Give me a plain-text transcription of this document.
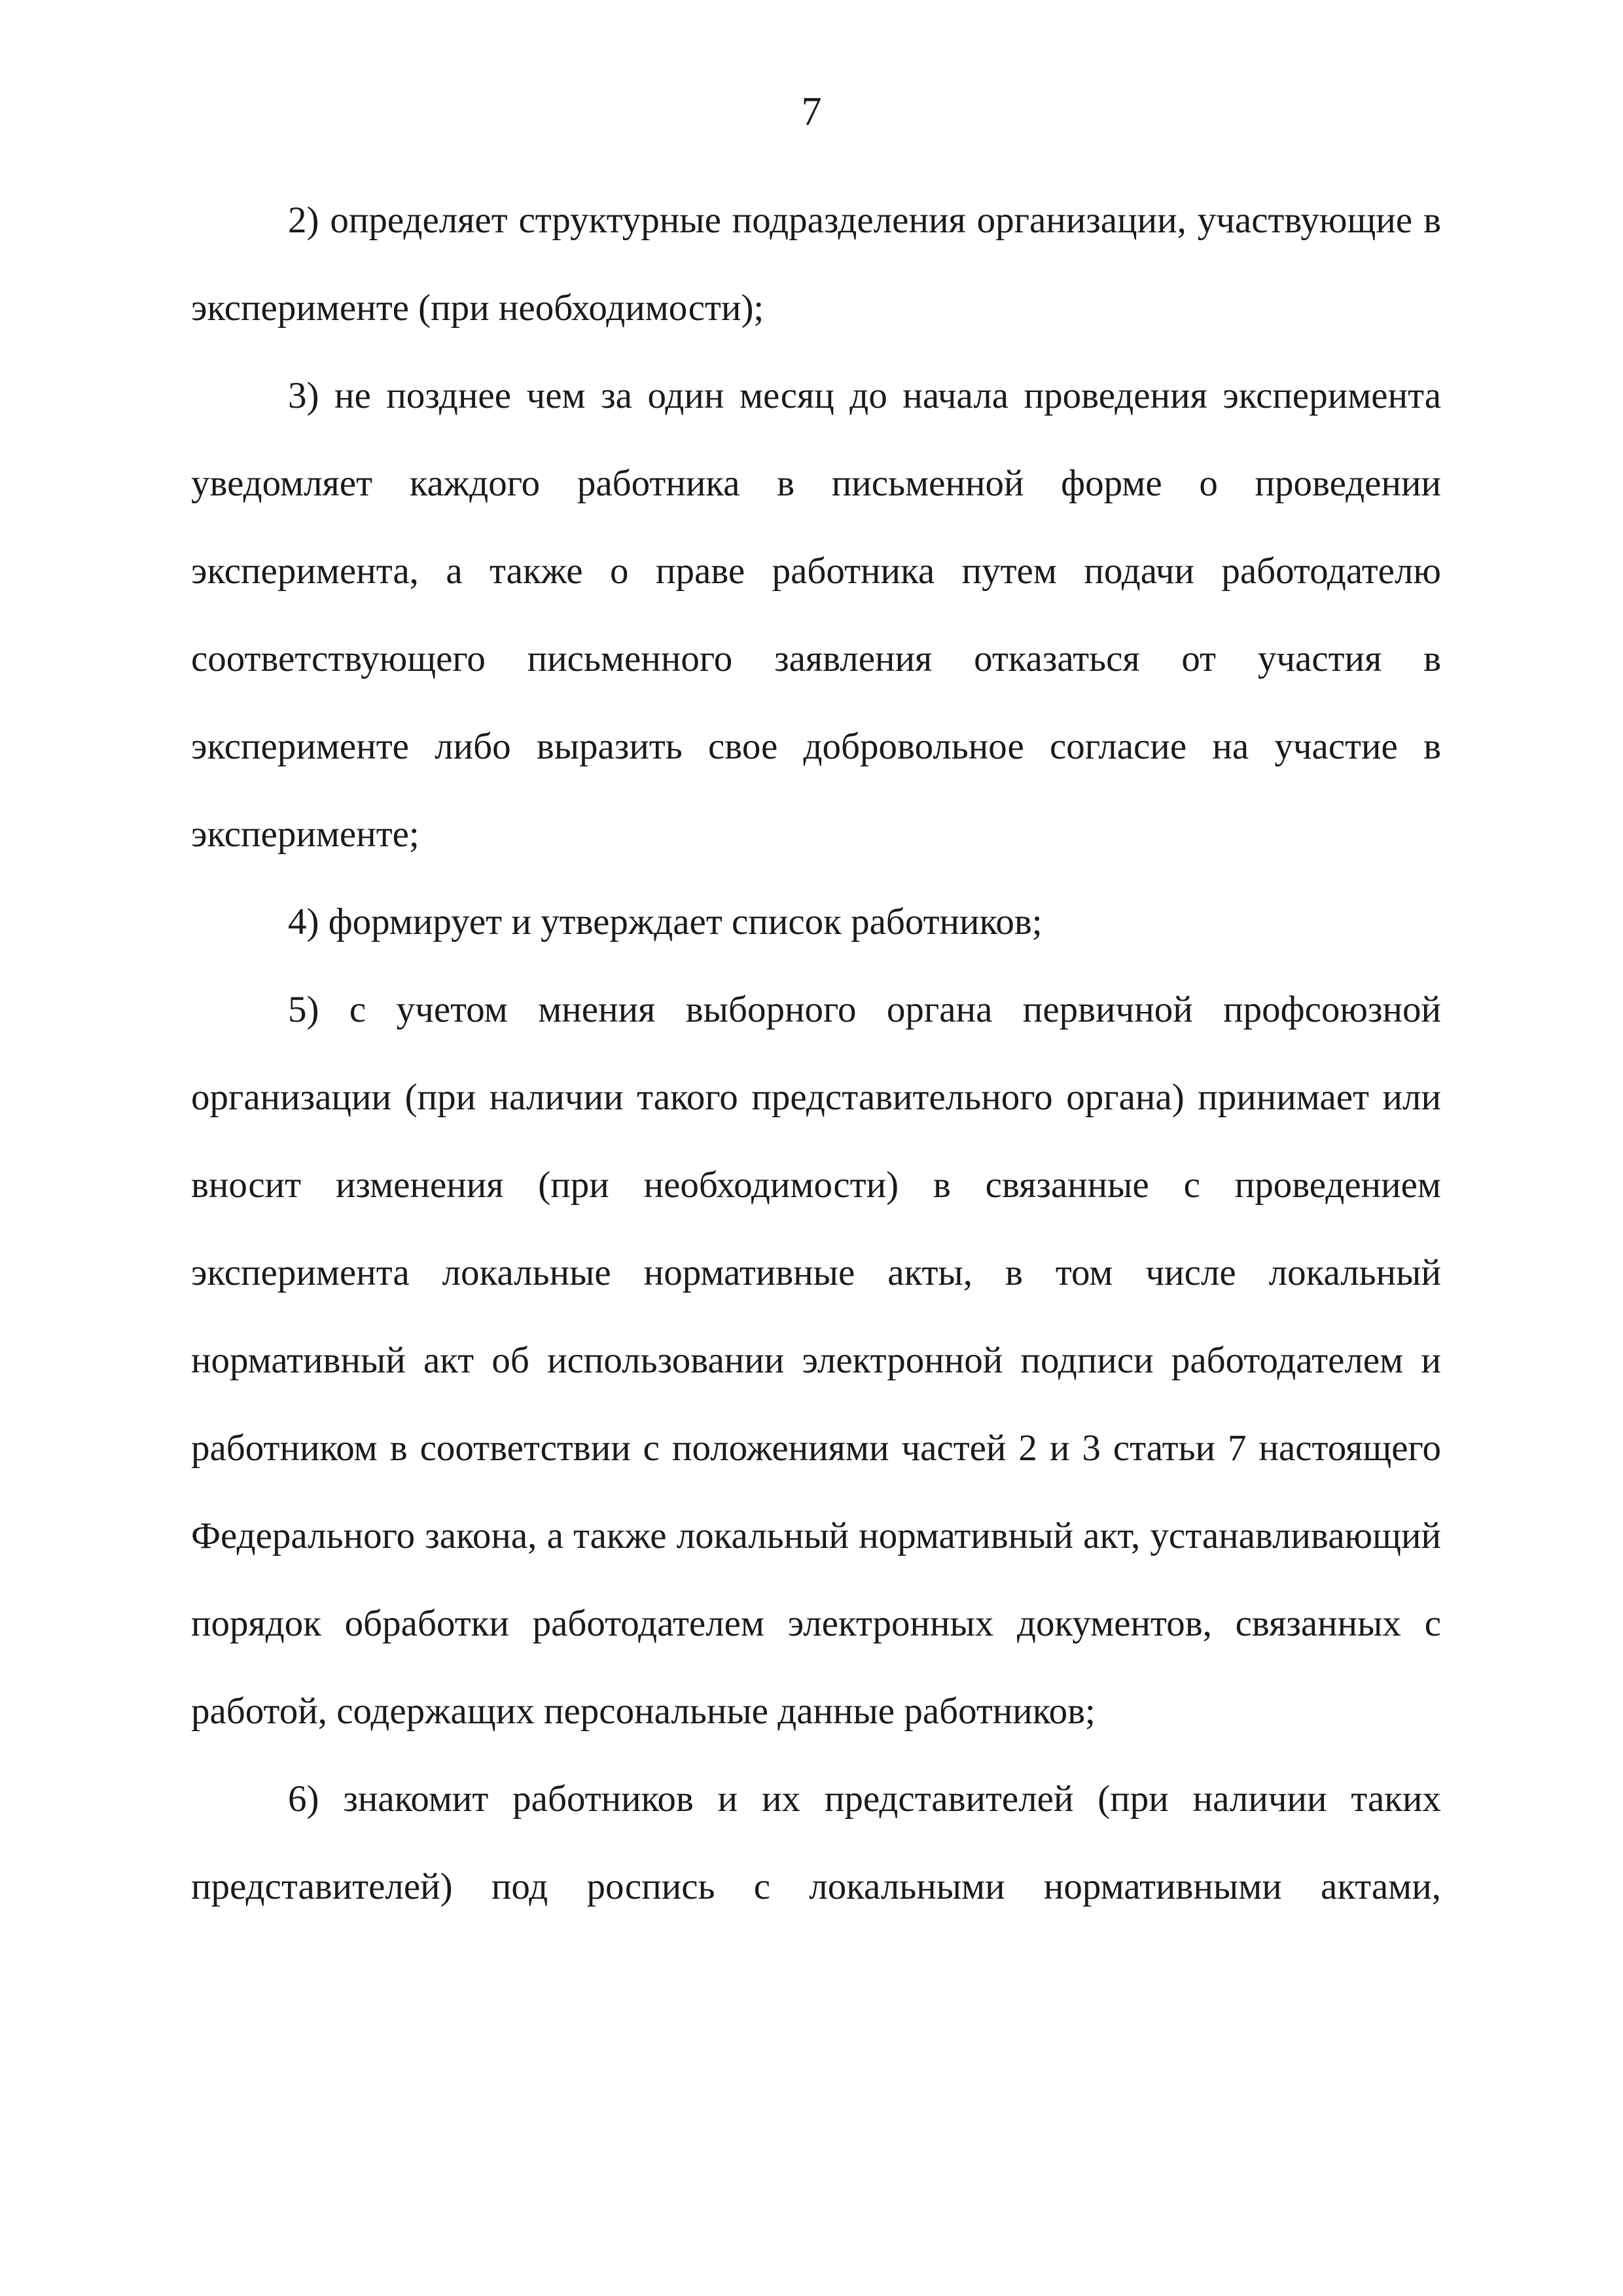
7

2) определяет структурные подразделения организации, участвующие в эксперименте (при необходимости);

3) не позднее чем за один месяц до начала проведения эксперимента уведомляет каждого работника в письменной форме о проведении эксперимента, а также о праве работника путем подачи работодателю соответствующего письменного заявления отказаться от участия в эксперименте либо выразить свое добровольное согласие на участие в эксперименте;

4) формирует и утверждает список работников;

5) с учетом мнения выборного органа первичной профсоюзной организации (при наличии такого представительного органа) принимает или вносит изменения (при необходимости) в связанные с проведением эксперимента локальные нормативные акты, в том числе локальный нормативный акт об использовании электронной подписи работодателем и работником в соответствии с положениями частей 2 и 3 статьи 7 настоящего Федерального закона, а также локальный нормативный акт, устанавливающий порядок обработки работодателем электронных документов, связанных с работой, содержащих персональные данные работников;

6) знакомит работников и их представителей (при наличии таких представителей) под роспись с локальными нормативными актами,
